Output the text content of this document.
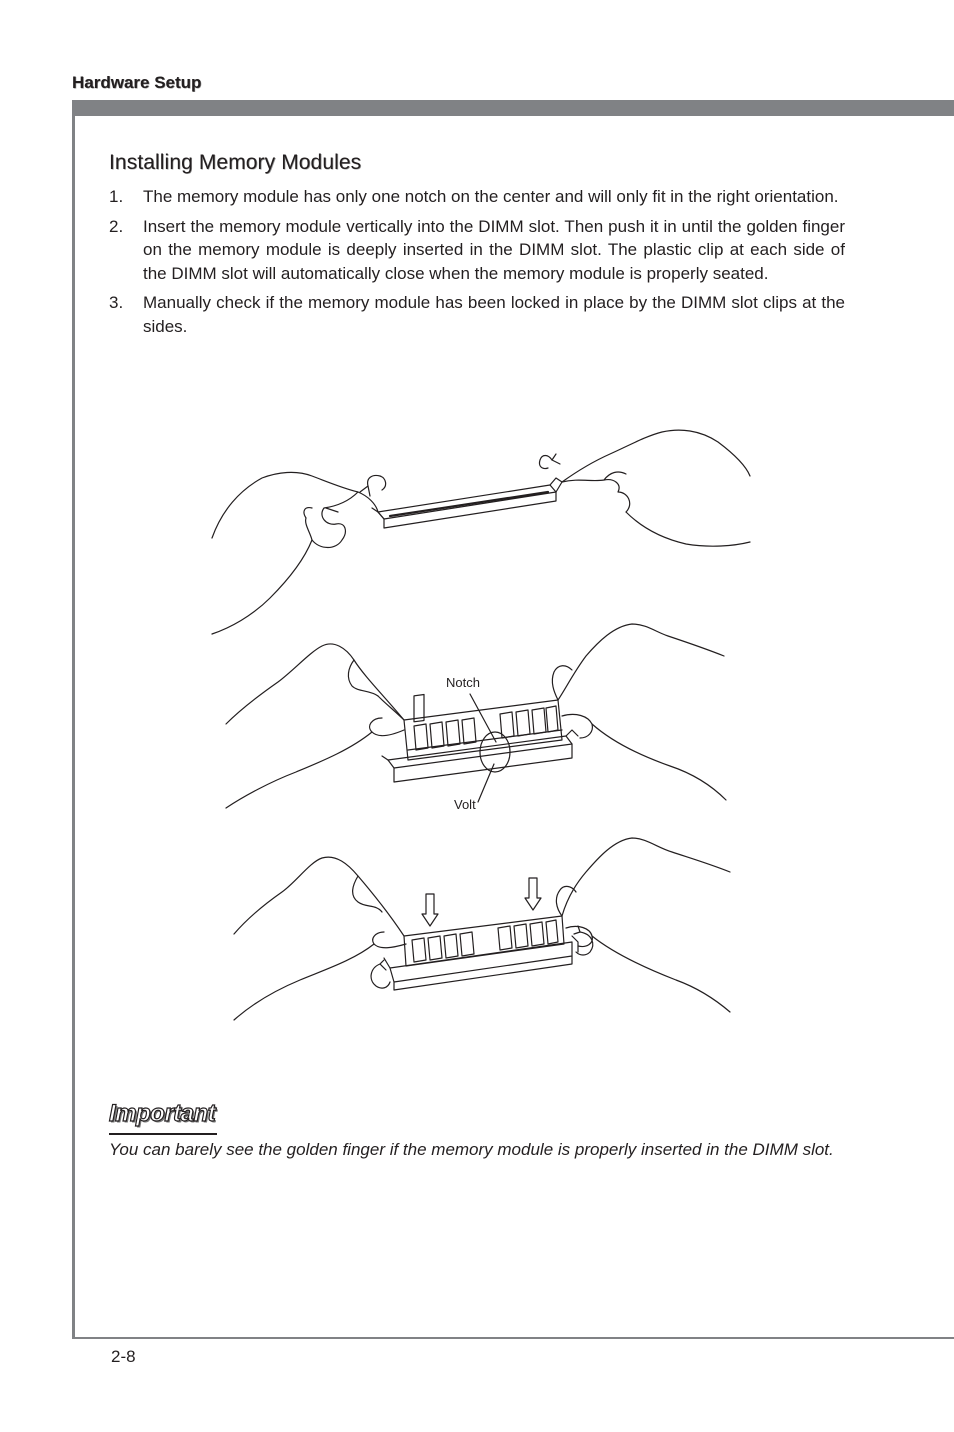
Hardware Setup
Installing Memory Modules
1. The memory module has only one notch on the center and will only fit in the right orientation.
2. Insert the memory module vertically into the DIMM slot. Then push it in until the golden finger on the memory module is deeply inserted in the DIMM slot. The plastic clip at each side of the DIMM slot will automatically close when the memory module is properly seated.
3. Manually check if the memory module has been locked in place by the DIMM slot clips at the sides.
Notch
Volt
Important
You can barely see the golden finger if the memory module is properly inserted in the DIMM slot.
2-8
